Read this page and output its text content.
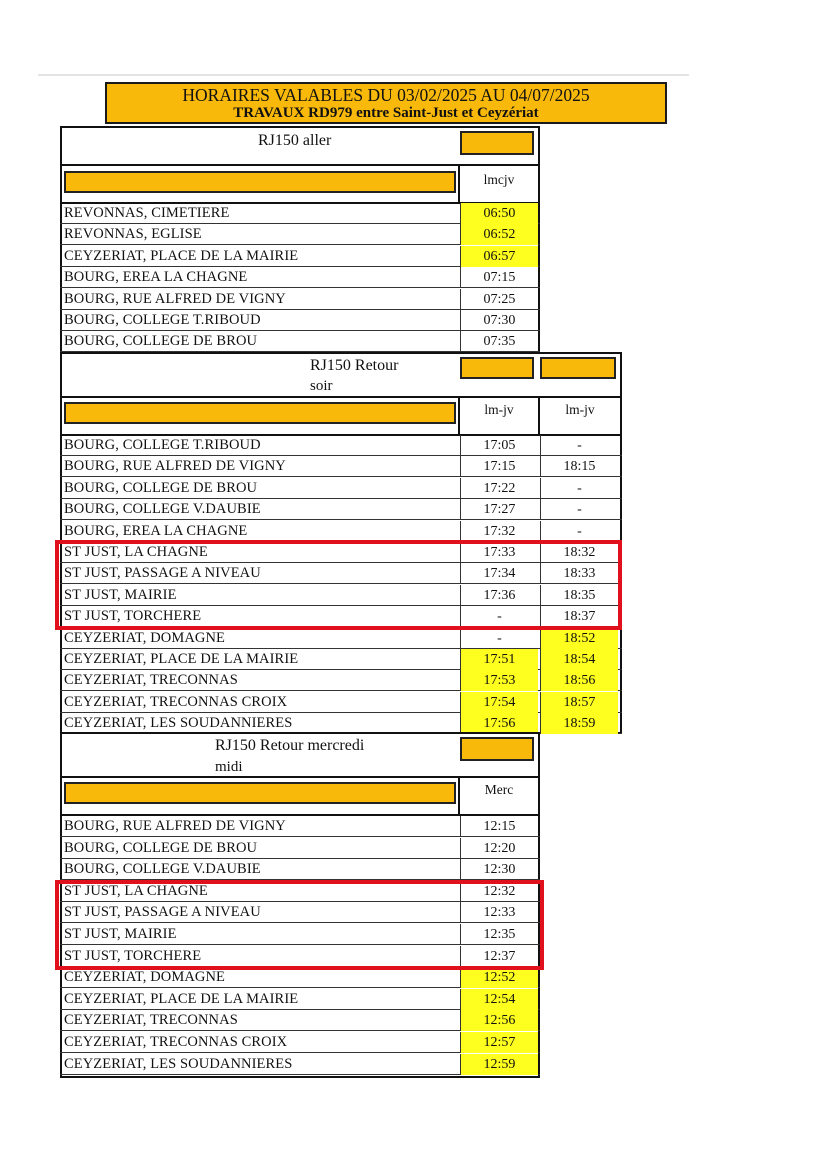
HORAIRES VALABLES DU 03/02/2025 AU 04/07/2025
TRAVAUX RD979 entre Saint-Just et Ceyzériat
RJ150 aller
lmcjv
REVONNAS, CIMETIERE	06:50
REVONNAS, EGLISE	06:52
CEYZERIAT, PLACE DE LA MAIRIE	06:57
BOURG, EREA LA CHAGNE	07:15
BOURG, RUE ALFRED DE VIGNY	07:25
BOURG, COLLEGE T.RIBOUD	07:30
BOURG, COLLEGE DE BROU	07:35
RJ150 Retour
soir
lm-jv	lm-jv
BOURG, COLLEGE T.RIBOUD	17:05	-
BOURG, RUE ALFRED DE VIGNY	17:15	18:15
BOURG, COLLEGE DE BROU	17:22	-
BOURG, COLLEGE V.DAUBIE	17:27	-
BOURG, EREA LA CHAGNE	17:32	-
ST JUST, LA CHAGNE	17:33	18:32
ST JUST, PASSAGE A NIVEAU	17:34	18:33
ST JUST, MAIRIE	17:36	18:35
ST JUST, TORCHERE	-	18:37
CEYZERIAT, DOMAGNE	-	18:52
CEYZERIAT, PLACE DE LA MAIRIE	17:51	18:54
CEYZERIAT, TRECONNAS	17:53	18:56
CEYZERIAT, TRECONNAS CROIX	17:54	18:57
CEYZERIAT, LES SOUDANNIERES	17:56	18:59
RJ150 Retour mercredi
midi
Merc
BOURG, RUE ALFRED DE VIGNY	12:15
BOURG, COLLEGE DE BROU	12:20
BOURG, COLLEGE V.DAUBIE	12:30
ST JUST, LA CHAGNE	12:32
ST JUST, PASSAGE A NIVEAU	12:33
ST JUST, MAIRIE	12:35
ST JUST, TORCHERE	12:37
CEYZERIAT, DOMAGNE	12:52
CEYZERIAT, PLACE DE LA MAIRIE	12:54
CEYZERIAT, TRECONNAS	12:56
CEYZERIAT, TRECONNAS CROIX	12:57
CEYZERIAT, LES SOUDANNIERES	12:59
